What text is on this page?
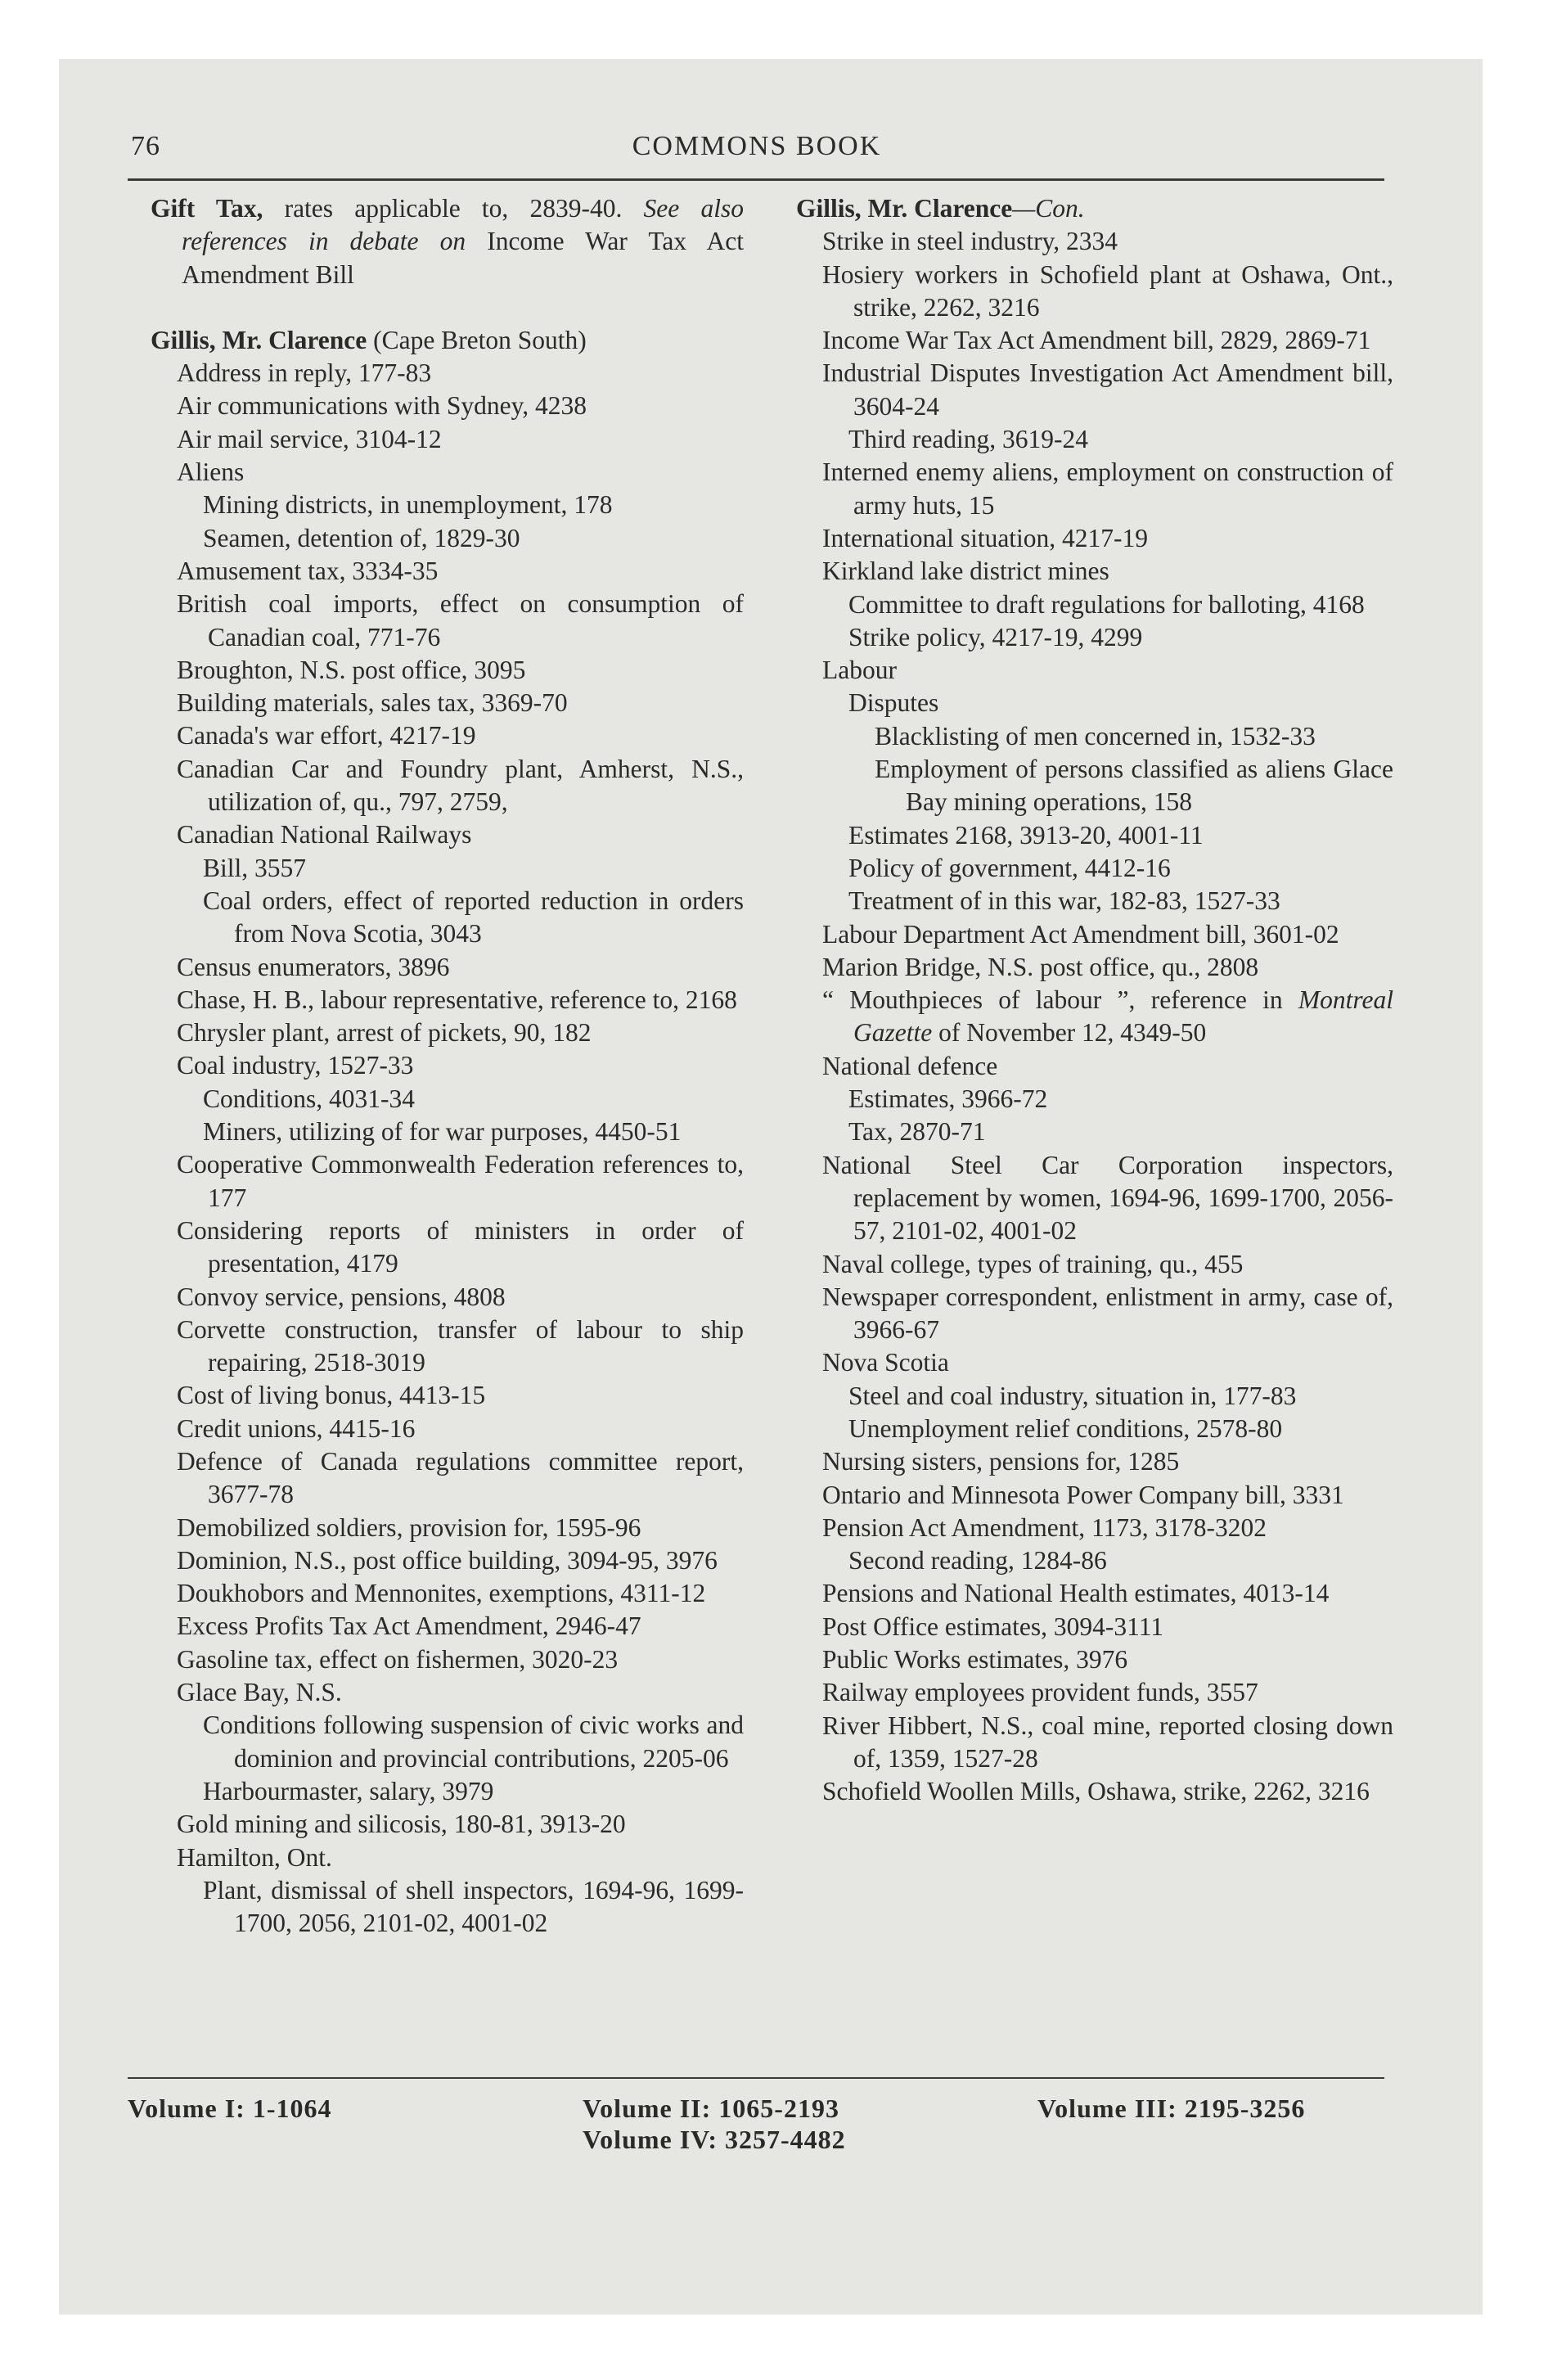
76	COMMONS BOOK
Gift Tax, rates applicable to, 2839-40. See also references in debate on Income War Tax Act Amendment Bill
Gillis, Mr. Clarence (Cape Breton South)
Address in reply, 177-83
Air communications with Sydney, 4238
Air mail service, 3104-12
Aliens
Mining districts, in unemployment, 178
Seamen, detention of, 1829-30
Amusement tax, 3334-35
British coal imports, effect on consumption of Canadian coal, 771-76
Broughton, N.S. post office, 3095
Building materials, sales tax, 3369-70
Canada's war effort, 4217-19
Canadian Car and Foundry plant, Amherst, N.S., utilization of, qu., 797, 2759,
Canadian National Railways
Bill, 3557
Coal orders, effect of reported reduction in orders from Nova Scotia, 3043
Census enumerators, 3896
Chase, H. B., labour representative, reference to, 2168
Chrysler plant, arrest of pickets, 90, 182
Coal industry, 1527-33
Conditions, 4031-34
Miners, utilizing of for war purposes, 4450-51
Cooperative Commonwealth Federation references to, 177
Considering reports of ministers in order of presentation, 4179
Convoy service, pensions, 4808
Corvette construction, transfer of labour to ship repairing, 2518-3019
Cost of living bonus, 4413-15
Credit unions, 4415-16
Defence of Canada regulations committee report, 3677-78
Demobilized soldiers, provision for, 1595-96
Dominion, N.S., post office building, 3094-95, 3976
Doukhobors and Mennonites, exemptions, 4311-12
Excess Profits Tax Act Amendment, 2946-47
Gasoline tax, effect on fishermen, 3020-23
Glace Bay, N.S.
Conditions following suspension of civic works and dominion and provincial contributions, 2205-06
Harbourmaster, salary, 3979
Gold mining and silicosis, 180-81, 3913-20
Hamilton, Ont.
Plant, dismissal of shell inspectors, 1694-96, 1699-1700, 2056, 2101-02, 4001-02
Gillis, Mr. Clarence—Con.
Strike in steel industry, 2334
Hosiery workers in Schofield plant at Oshawa, Ont., strike, 2262, 3216
Income War Tax Act Amendment bill, 2829, 2869-71
Industrial Disputes Investigation Act Amendment bill, 3604-24
Third reading, 3619-24
Interned enemy aliens, employment on construction of army huts, 15
International situation, 4217-19
Kirkland lake district mines
Committee to draft regulations for balloting, 4168
Strike policy, 4217-19, 4299
Labour
Disputes
Blacklisting of men concerned in, 1532-33
Employment of persons classified as aliens Glace Bay mining operations, 158
Estimates 2168, 3913-20, 4001-11
Policy of government, 4412-16
Treatment of in this war, 182-83, 1527-33
Labour Department Act Amendment bill, 3601-02
Marion Bridge, N.S. post office, qu., 2808
“ Mouthpieces of labour ”, reference in Montreal Gazette of November 12, 4349-50
National defence
Estimates, 3966-72
Tax, 2870-71
National Steel Car Corporation inspectors, replacement by women, 1694-96, 1699-1700, 2056-57, 2101-02, 4001-02
Naval college, types of training, qu., 455
Newspaper correspondent, enlistment in army, case of, 3966-67
Nova Scotia
Steel and coal industry, situation in, 177-83
Unemployment relief conditions, 2578-80
Nursing sisters, pensions for, 1285
Ontario and Minnesota Power Company bill, 3331
Pension Act Amendment, 1173, 3178-3202
Second reading, 1284-86
Pensions and National Health estimates, 4013-14
Post Office estimates, 3094-3111
Public Works estimates, 3976
Railway employees provident funds, 3557
River Hibbert, N.S., coal mine, reported closing down of, 1359, 1527-28
Schofield Woollen Mills, Oshawa, strike, 2262, 3216
Volume I: 1-1064	Volume II: 1065-2193	Volume III: 2195-3256
Volume IV: 3257-4482
